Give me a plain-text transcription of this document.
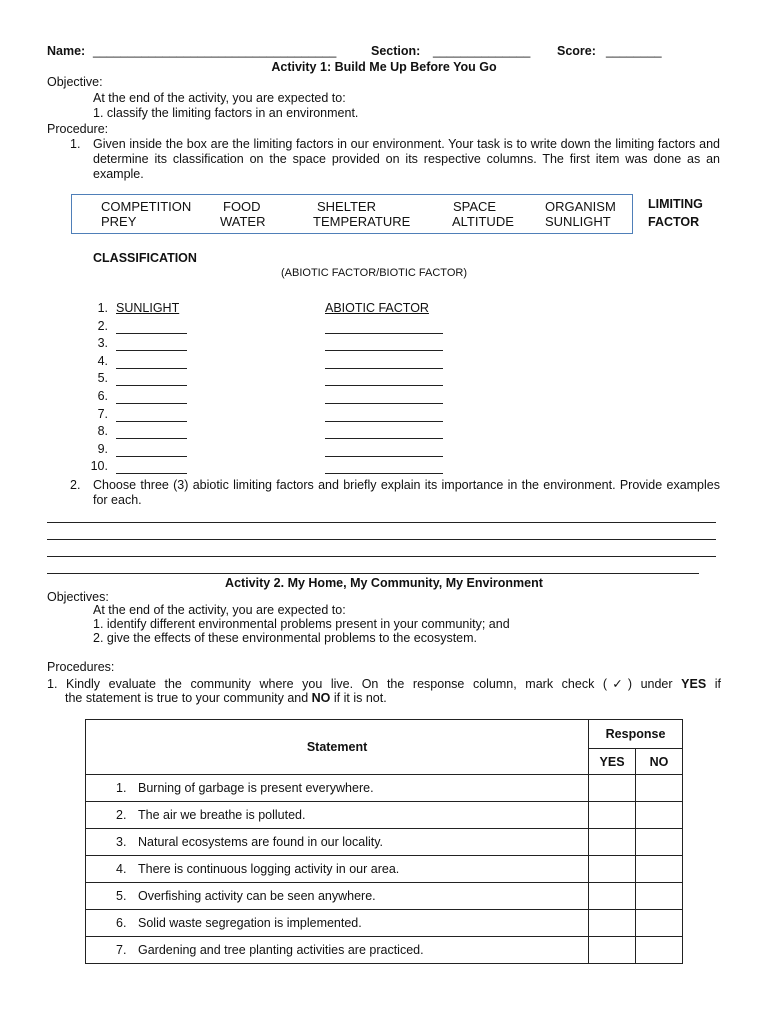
Name: ___________________________________	Section: ______________ Score: ________
Activity 1: Build Me Up Before You Go
Objective:
At the end of the activity, you are expected to:
1. classify the limiting factors in an environment.
Procedure:
1. Given inside the box are the limiting factors in our environment. Your task is to write down the limiting factors and determine its classification on the space provided on its respective columns. The first item was done as an example.
COMPETITION FOOD	SHELTER	SPACE	ORGANISM
PREY	WATER	TEMPERATURE	ALTITUDE SUNLIGHT
LIMITING
FACTOR
CLASSIFICATION
(ABIOTIC FACTOR/BIOTIC FACTOR)
1. SUNLIGHT	ABIOTIC FACTOR
2.
3.
4.
5.
6.
7.
8.
9.
10.
2. Choose three (3) abiotic limiting factors and briefly explain its importance in the environment. Provide examples for each.
Activity 2. My Home, My Community, My Environment
Objectives:
At the end of the activity, you are expected to:
1. identify different environmental problems present in your community; and
2. give the effects of these environmental problems to the ecosystem.
Procedures:
1. Kindly evaluate the community where you live. On the response column, mark check (✓) under YES if
the statement is true to your community and NO if it is not.
Statement	Response	
	YES	NO
1. Burning of garbage is present everywhere.		
2. The air we breathe is polluted.		
3. Natural ecosystems are found in our locality.		
4. There is continuous logging activity in our area.		
5. Overfishing activity can be seen anywhere.		
6. Solid waste segregation is implemented.		
7. Gardening and tree planting activities are practiced.		
